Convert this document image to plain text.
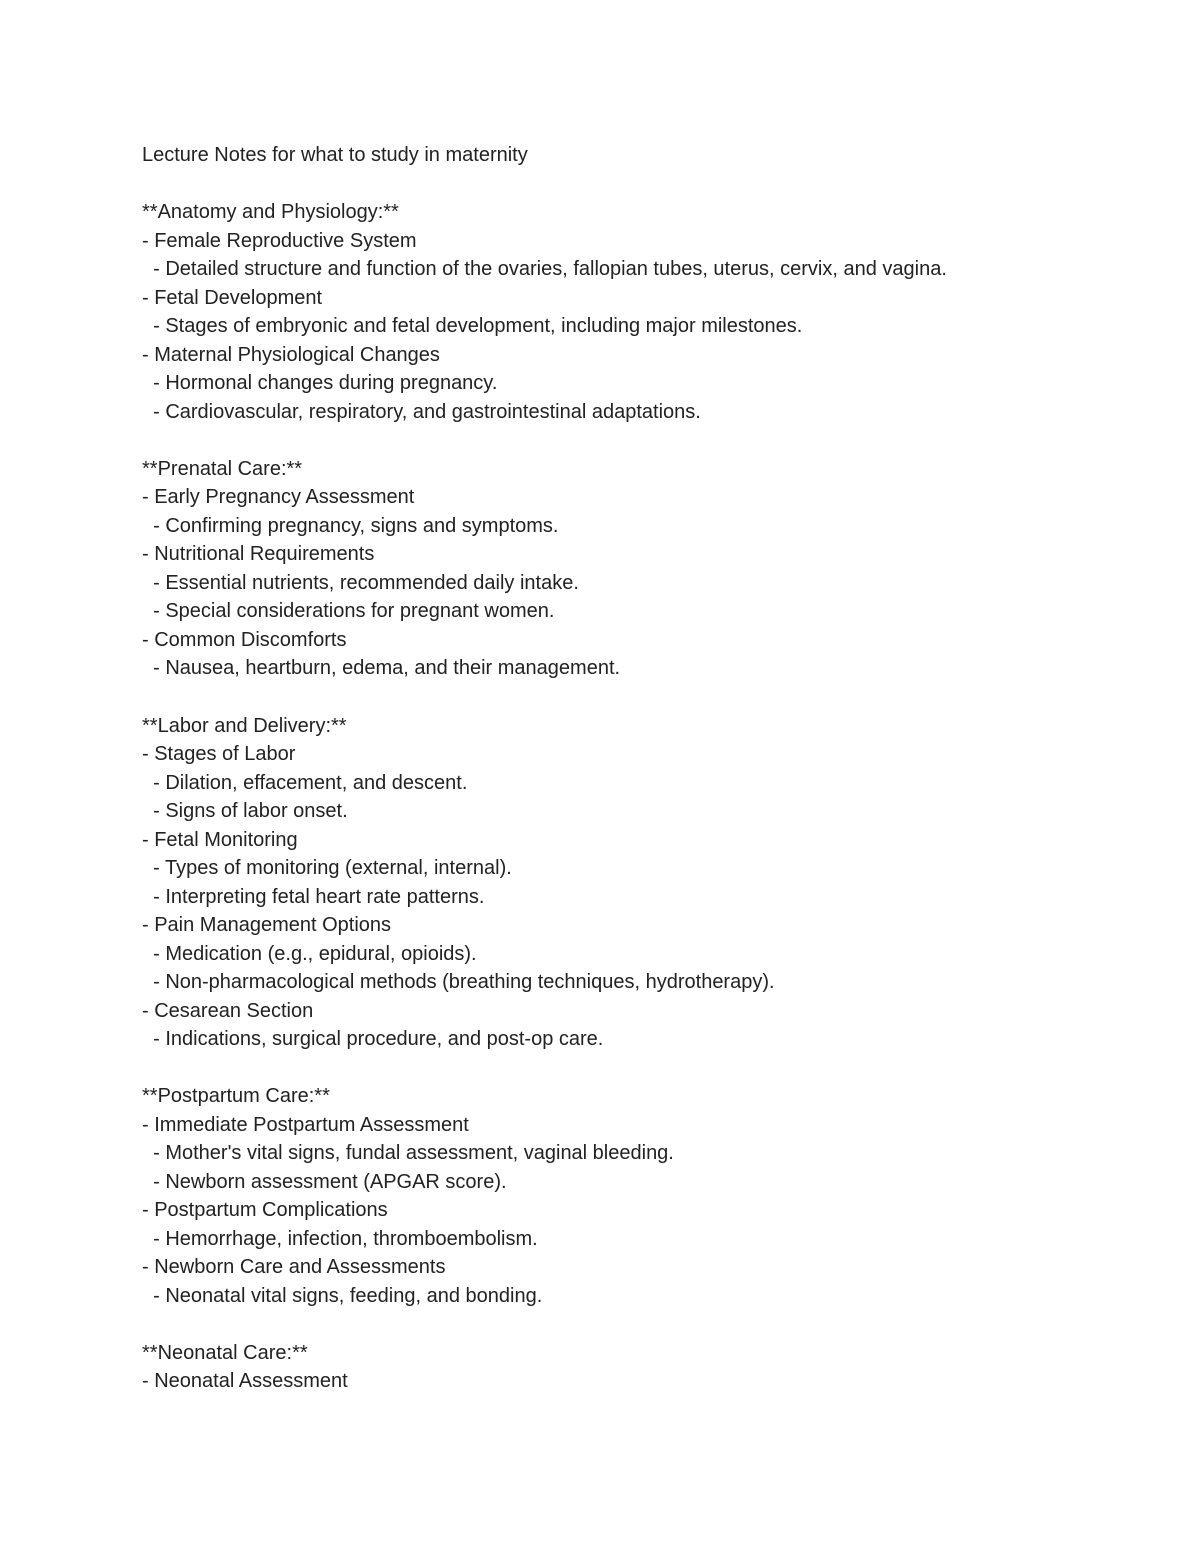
Lecture Notes for what to study in maternity
**Anatomy and Physiology:**
- Female Reproductive System
- Detailed structure and function of the ovaries, fallopian tubes, uterus, cervix, and vagina.
- Fetal Development
- Stages of embryonic and fetal development, including major milestones.
- Maternal Physiological Changes
- Hormonal changes during pregnancy.
- Cardiovascular, respiratory, and gastrointestinal adaptations.
**Prenatal Care:**
- Early Pregnancy Assessment
- Confirming pregnancy, signs and symptoms.
- Nutritional Requirements
- Essential nutrients, recommended daily intake.
- Special considerations for pregnant women.
- Common Discomforts
- Nausea, heartburn, edema, and their management.
**Labor and Delivery:**
- Stages of Labor
- Dilation, effacement, and descent.
- Signs of labor onset.
- Fetal Monitoring
- Types of monitoring (external, internal).
- Interpreting fetal heart rate patterns.
- Pain Management Options
- Medication (e.g., epidural, opioids).
- Non-pharmacological methods (breathing techniques, hydrotherapy).
- Cesarean Section
- Indications, surgical procedure, and post-op care.
**Postpartum Care:**
- Immediate Postpartum Assessment
- Mother's vital signs, fundal assessment, vaginal bleeding.
- Newborn assessment (APGAR score).
- Postpartum Complications
- Hemorrhage, infection, thromboembolism.
- Newborn Care and Assessments
- Neonatal vital signs, feeding, and bonding.
**Neonatal Care:**
- Neonatal Assessment
